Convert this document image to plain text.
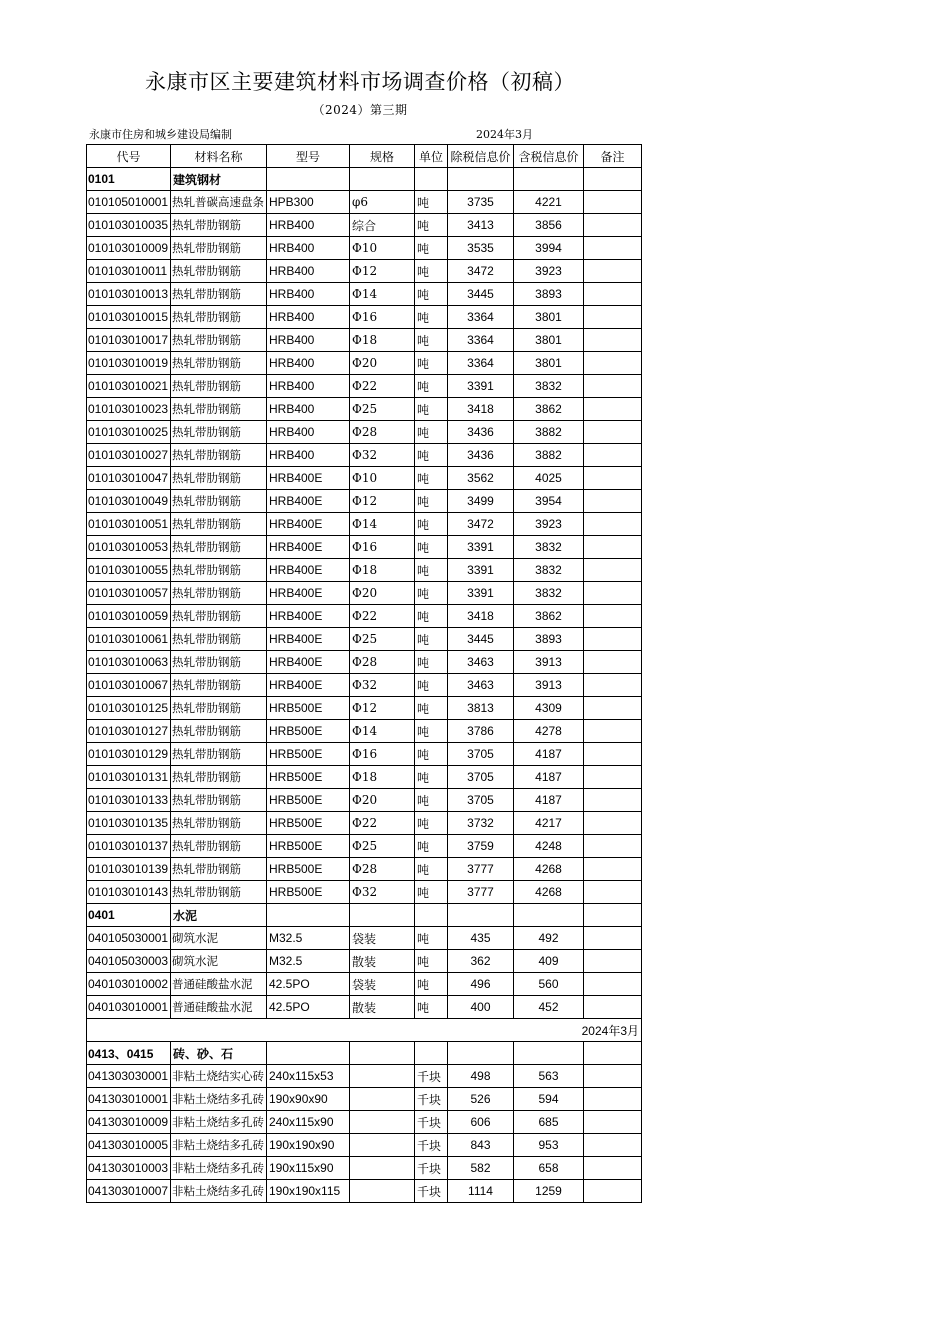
永康市区主要建筑材料市场调查价格（初稿）
（2024）第三期
永康市住房和城乡建设局编制	2024年3月
代号	材料名称	型号	规格	单位	除税信息价	含税信息价	备注
0101	建筑钢材						
010105010001	热轧普碳高速盘条	HPB300	φ6	吨	3735	4221	
010103010035	热轧带肋钢筋	HRB400	综合	吨	3413	3856	
010103010009	热轧带肋钢筋	HRB400	Φ10	吨	3535	3994	
010103010011	热轧带肋钢筋	HRB400	Φ12	吨	3472	3923	
010103010013	热轧带肋钢筋	HRB400	Φ14	吨	3445	3893	
010103010015	热轧带肋钢筋	HRB400	Φ16	吨	3364	3801	
010103010017	热轧带肋钢筋	HRB400	Φ18	吨	3364	3801	
010103010019	热轧带肋钢筋	HRB400	Φ20	吨	3364	3801	
010103010021	热轧带肋钢筋	HRB400	Φ22	吨	3391	3832	
010103010023	热轧带肋钢筋	HRB400	Φ25	吨	3418	3862	
010103010025	热轧带肋钢筋	HRB400	Φ28	吨	3436	3882	
010103010027	热轧带肋钢筋	HRB400	Φ32	吨	3436	3882	
010103010047	热轧带肋钢筋	HRB400E	Φ10	吨	3562	4025	
010103010049	热轧带肋钢筋	HRB400E	Φ12	吨	3499	3954	
010103010051	热轧带肋钢筋	HRB400E	Φ14	吨	3472	3923	
010103010053	热轧带肋钢筋	HRB400E	Φ16	吨	3391	3832	
010103010055	热轧带肋钢筋	HRB400E	Φ18	吨	3391	3832	
010103010057	热轧带肋钢筋	HRB400E	Φ20	吨	3391	3832	
010103010059	热轧带肋钢筋	HRB400E	Φ22	吨	3418	3862	
010103010061	热轧带肋钢筋	HRB400E	Φ25	吨	3445	3893	
010103010063	热轧带肋钢筋	HRB400E	Φ28	吨	3463	3913	
010103010067	热轧带肋钢筋	HRB400E	Φ32	吨	3463	3913	
010103010125	热轧带肋钢筋	HRB500E	Φ12	吨	3813	4309	
010103010127	热轧带肋钢筋	HRB500E	Φ14	吨	3786	4278	
010103010129	热轧带肋钢筋	HRB500E	Φ16	吨	3705	4187	
010103010131	热轧带肋钢筋	HRB500E	Φ18	吨	3705	4187	
010103010133	热轧带肋钢筋	HRB500E	Φ20	吨	3705	4187	
010103010135	热轧带肋钢筋	HRB500E	Φ22	吨	3732	4217	
010103010137	热轧带肋钢筋	HRB500E	Φ25	吨	3759	4248	
010103010139	热轧带肋钢筋	HRB500E	Φ28	吨	3777	4268	
010103010143	热轧带肋钢筋	HRB500E	Φ32	吨	3777	4268	
0401	水泥						
040105030001	砌筑水泥	M32.5	袋装	吨	435	492	
040105030003	砌筑水泥	M32.5	散装	吨	362	409	
040103010002	普通硅酸盐水泥	42.5PO	袋装	吨	496	560	
040103010001	普通硅酸盐水泥	42.5PO	散装	吨	400	452	
2024年3月							
0413、0415	砖、砂、石						
041303030001	非粘土烧结实心砖	240x115x53		千块	498	563	
041303010001	非粘土烧结多孔砖	190x90x90		千块	526	594	
041303010009	非粘土烧结多孔砖	240x115x90		千块	606	685	
041303010005	非粘土烧结多孔砖	190x190x90		千块	843	953	
041303010003	非粘土烧结多孔砖	190x115x90		千块	582	658	
041303010007	非粘土烧结多孔砖	190x190x115		千块	1114	1259	
